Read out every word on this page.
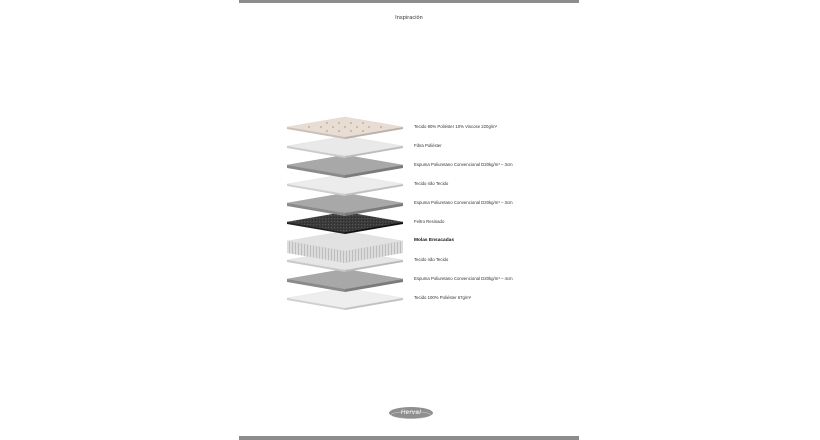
Inspiración
Tecido 90% Poliéster 10% Viscose 220g/m²
Fibra Poliéster
Espuma Poliuretano Convencional D20kg/m³ – 3cm
Tecido não Tecido
Espuma Poliuretano Convencional D20kg/m³ – 3cm
Feltro Resinado
Molas Ensacadas
Tecido não Tecido
Espuma Poliuretano Convencional D20kg/m³ – 4cm
Tecido 100% Poliéster 67g/m²
Herval
